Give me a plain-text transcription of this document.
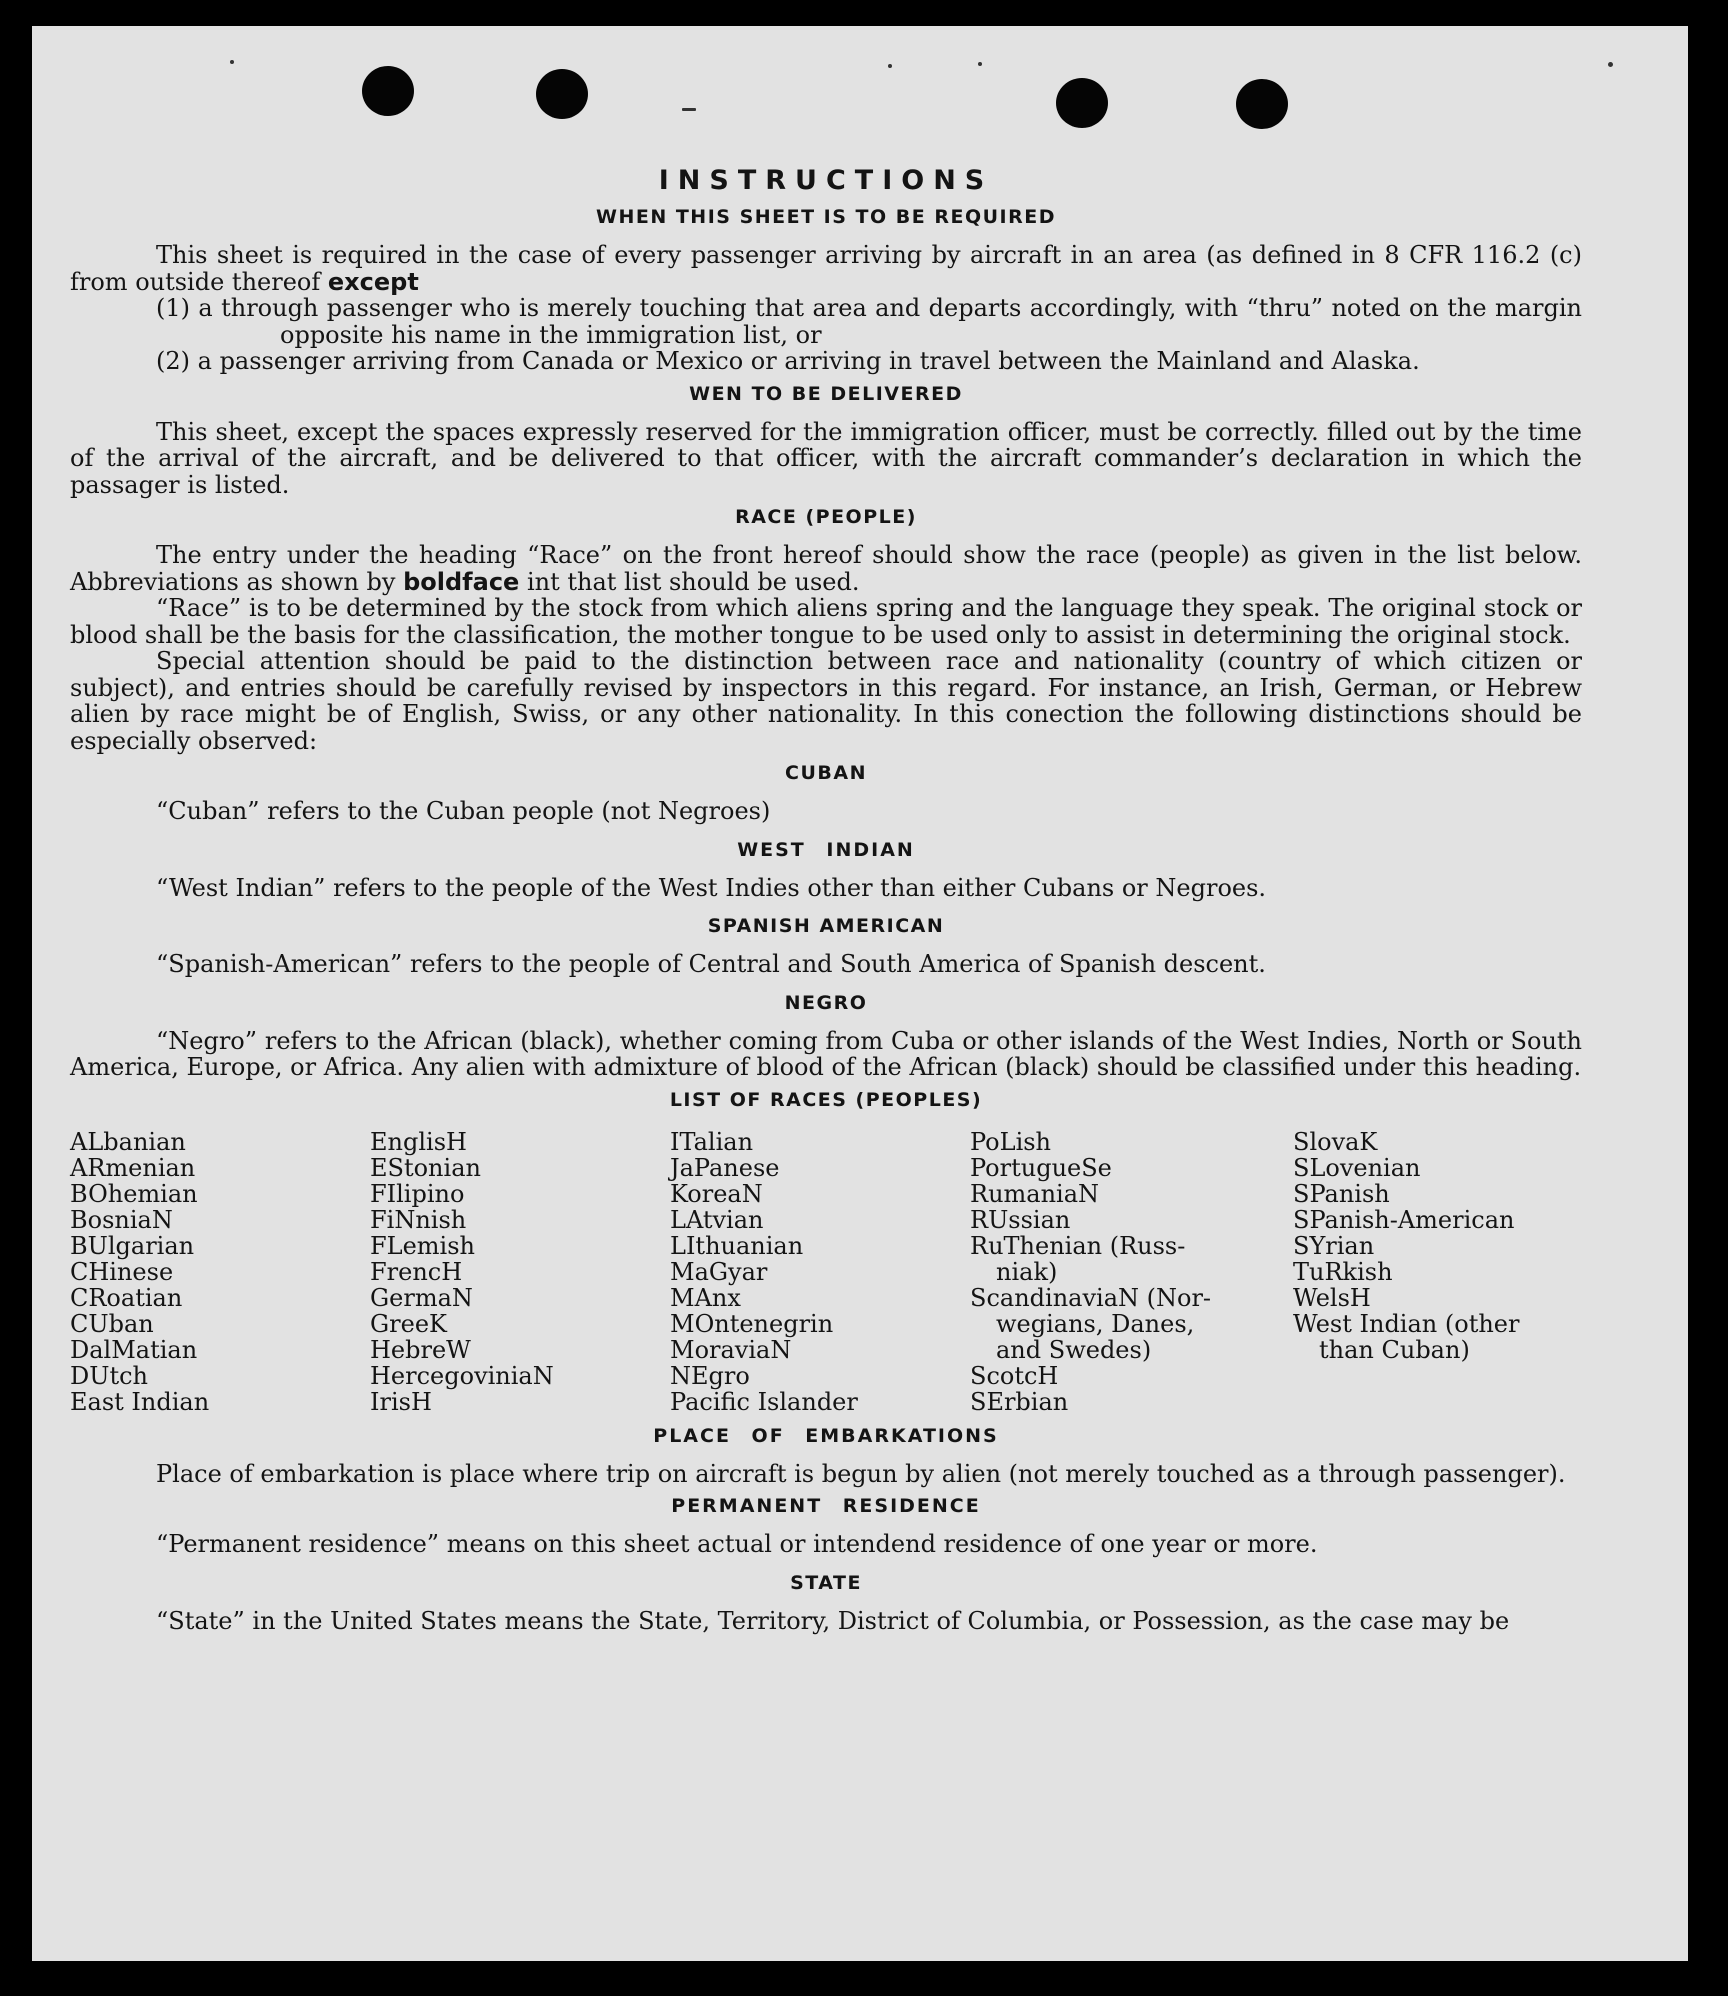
INSTRUCTIONS
WHEN THIS SHEET IS TO BE REQUIRED

This sheet is required in the case of every passenger arriving by aircraft in an area (as defined in 8 CFR 116.2 (c) from outside thereof except

(1) a through passenger who is merely touching that area and departs accordingly, with “thru” noted on the margin opposite his name in the immigration list, or

(2) a passenger arriving from Canada or Mexico or arriving in travel between the Mainland and Alaska.

WEN TO BE DELIVERED

This sheet, except the spaces expressly reserved for the immigration officer, must be correctly. filled out by the time of the arrival of the aircraft, and be delivered to that officer, with the aircraft commander’s declaration in which the passager is listed.

RACE (PEOPLE)

The entry under the heading “Race” on the front hereof should show the race (people) as given in the list below. Abbreviations as shown by boldface int that list should be used.

“Race” is to be determined by the stock from which aliens spring and the language they speak. The original stock or blood shall be the basis for the classification, the mother tongue to be used only to assist in determining the original stock.

Special attention should be paid to the distinction between race and nationality (country of which citizen or subject), and entries should be carefully revised by inspectors in this regard. For instance, an Irish, German, or Hebrew alien by race might be of English, Swiss, or any other nationality. In this conection the following distinctions should be especially observed:

CUBAN

“Cuban” refers to the Cuban people (not Negroes)

WEST INDIAN

“West Indian” refers to the people of the West Indies other than either Cubans or Negroes.

SPANISH AMERICAN

“Spanish-American” refers to the people of Central and South America of Spanish descent.

NEGRO

“Negro” refers to the African (black), whether coming from Cuba or other islands of the West Indies, North or South America, Europe, or Africa. Any alien with admixture of blood of the African (black) should be classified under this heading.

LIST OF RACES (PEOPLES)
ALbanian
ARmenian
BOhemian
BosniaN
BUlgarian
CHinese
CRoatian
CUban
DalMatian
DUtch
East Indian
EnglisH
EStonian
FIlipino
FiNnish
FLemish
FrencH
GermaN
GreeK
HebreW
HercegoviniaN
IrisH
ITalian
JaPanese
KoreaN
LAtvian
LIthuanian
MaGyar
MAnx
MOntenegrin
MoraviaN
NEgro
Pacific Islander
PoLish
PortugueSe
RumaniaN
RUssian
RuThenian (Russ-
niak)
ScandinaviaN (Nor-
wegians, Danes,
and Swedes)
ScotcH
SErbian
SlovaK
SLovenian
SPanish
SPanish-American
SYrian
TuRkish
WelsH
West Indian (other
than Cuban)
PLACE OF EMBARKATIONS

Place of embarkation is place where trip on aircraft is begun by alien (not merely touched as a through passenger).

PERMANENT RESIDENCE

“Permanent residence” means on this sheet actual or intendend residence of one year or more.

STATE

“State” in the United States means the State, Territory, District of Columbia, or Possession, as the case may be
